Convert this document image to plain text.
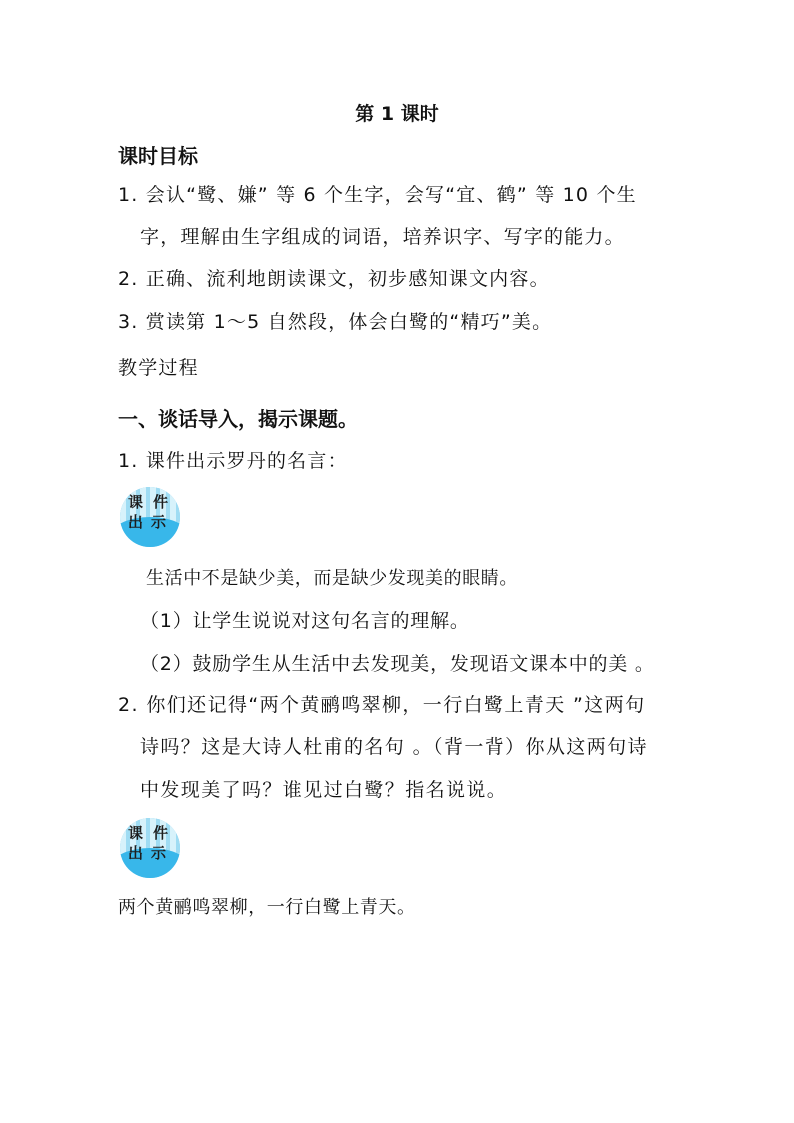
第 1 课时
课时目标
1. 会认“鹭、嫌” 等 6 个生字，会写“宜、鹤” 等 10 个生
字，理解由生字组成的词语，培养识字、写字的能力。
2. 正确、流利地朗读课文，初步感知课文内容。
3. 赏读第 1～5 自然段，体会白鹭的“精巧”美。
教学过程
一、谈话导入，揭示课题。
1. 课件出示罗丹的名言：
课 件
出 示
生活中不是缺少美，而是缺少发现美的眼睛。
（1）让学生说说对这句名言的理解。
（2）鼓励学生从生活中去发现美，发现语文课本中的美 。
2. 你们还记得“两个黄鹂鸣翠柳，一行白鹭上青天 ”这两句
诗吗？这是大诗人杜甫的名句 。（背一背）你从这两句诗
中发现美了吗？谁见过白鹭？指名说说。
课 件
出 示
两个黄鹂鸣翠柳，一行白鹭上青天。
